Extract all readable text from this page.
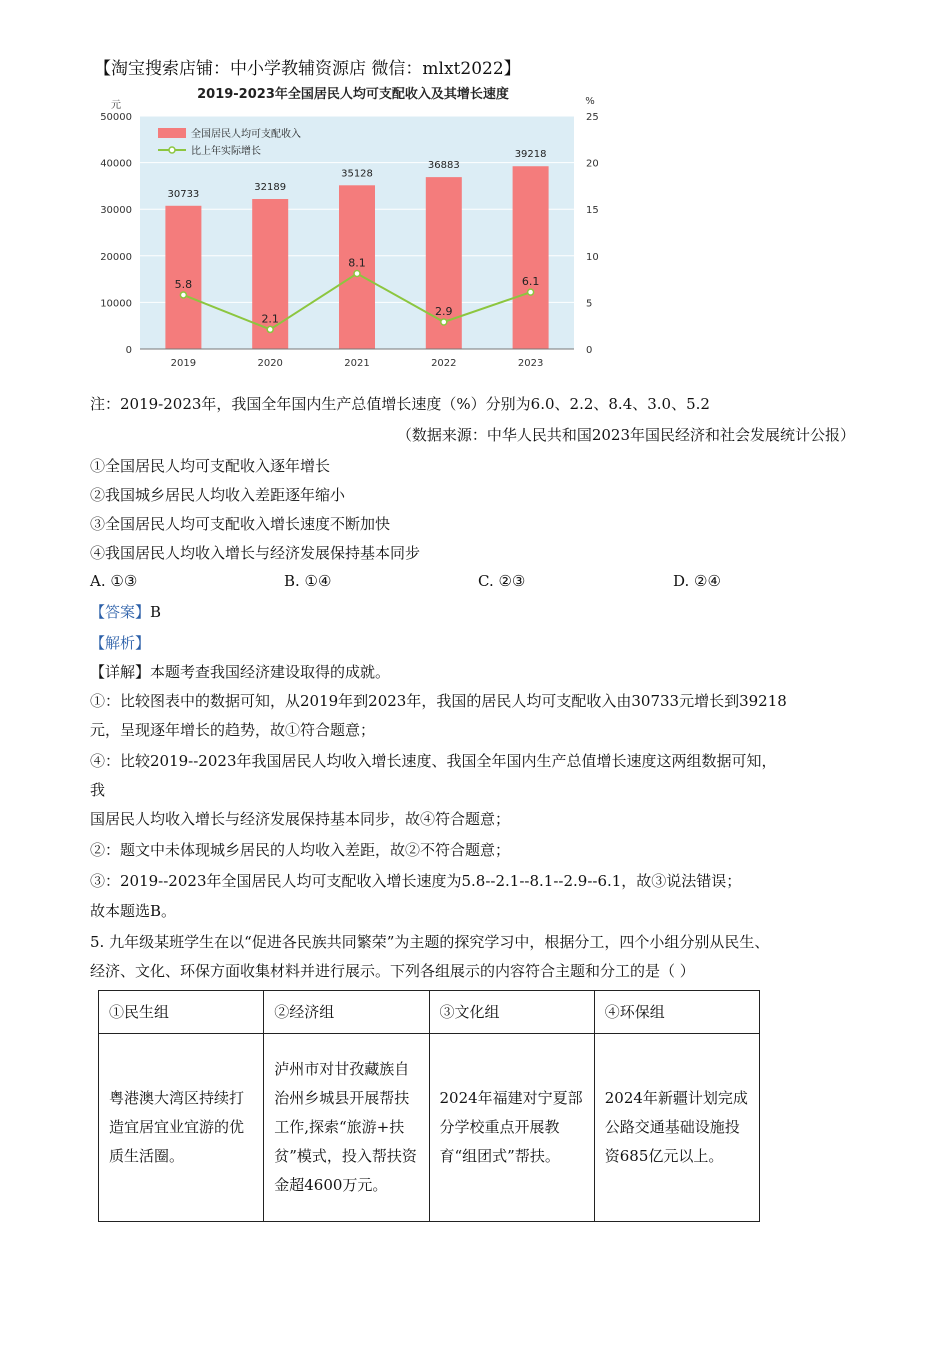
【淘宝搜索店铺：中小学教辅资源店 微信：mlxt2022】
2019-2023年全国居民人均可支配收入及其增长速度
元	%
30733
32189
35128
36883
39218
5.8
2.1
8.1
2.9
6.1
0
10000
20000
30000
40000
50000
0
5
10
15
20
25
2019	2020	2021	2022	2023
全国居民人均可支配收入
比上年实际增长
注：2019-2023年，我国全年国内生产总值增长速度（%）分别为6.0、2.2、8.4、3.0、5.2
（数据来源：中华人民共和国2023年国民经济和社会发展统计公报）
①全国居民人均可支配收入逐年增长
②我国城乡居民人均收入差距逐年缩小
③全国居民人均可支配收入增长速度不断加快
④我国居民人均收入增长与经济发展保持基本同步
A. ①③	B. ①④	C. ②③	D. ②④
【答案】B
【解析】
【详解】本题考查我国经济建设取得的成就。
①：比较图表中的数据可知，从2019年到2023年，我国的居民人均可支配收入由30733元增长到39218
元，呈现逐年增长的趋势，故①符合题意；
④：比较2019--2023年我国居民人均收入增长速度、我国全年国内生产总值增长速度这两组数据可知，
我
国居民人均收入增长与经济发展保持基本同步，故④符合题意；
②：题文中未体现城乡居民的人均收入差距，故②不符合题意；
③：2019--2023年全国居民人均可支配收入增长速度为5.8--2.1--8.1--2.9--6.1，故③说法错误；
故本题选B。
5. 九年级某班学生在以“促进各民族共同繁荣”为主题的探究学习中，根据分工，四个小组分别从民生、
经济、文化、环保方面收集材料并进行展示。下列各组展示的内容符合主题和分工的是（ ）
①民生组	②经济组	③文化组	④环保组
粤港澳大湾区持续打造宜居宜业宜游的优质生活圈。	泸州市对甘孜藏族自治州乡城县开展帮扶工作,探索“旅游+扶贫”模式，投入帮扶资金超4600万元。	2024年福建对宁夏部分学校重点开展教育“组团式”帮扶。	2024年新疆计划完成公路交通基础设施投资685亿元以上。
